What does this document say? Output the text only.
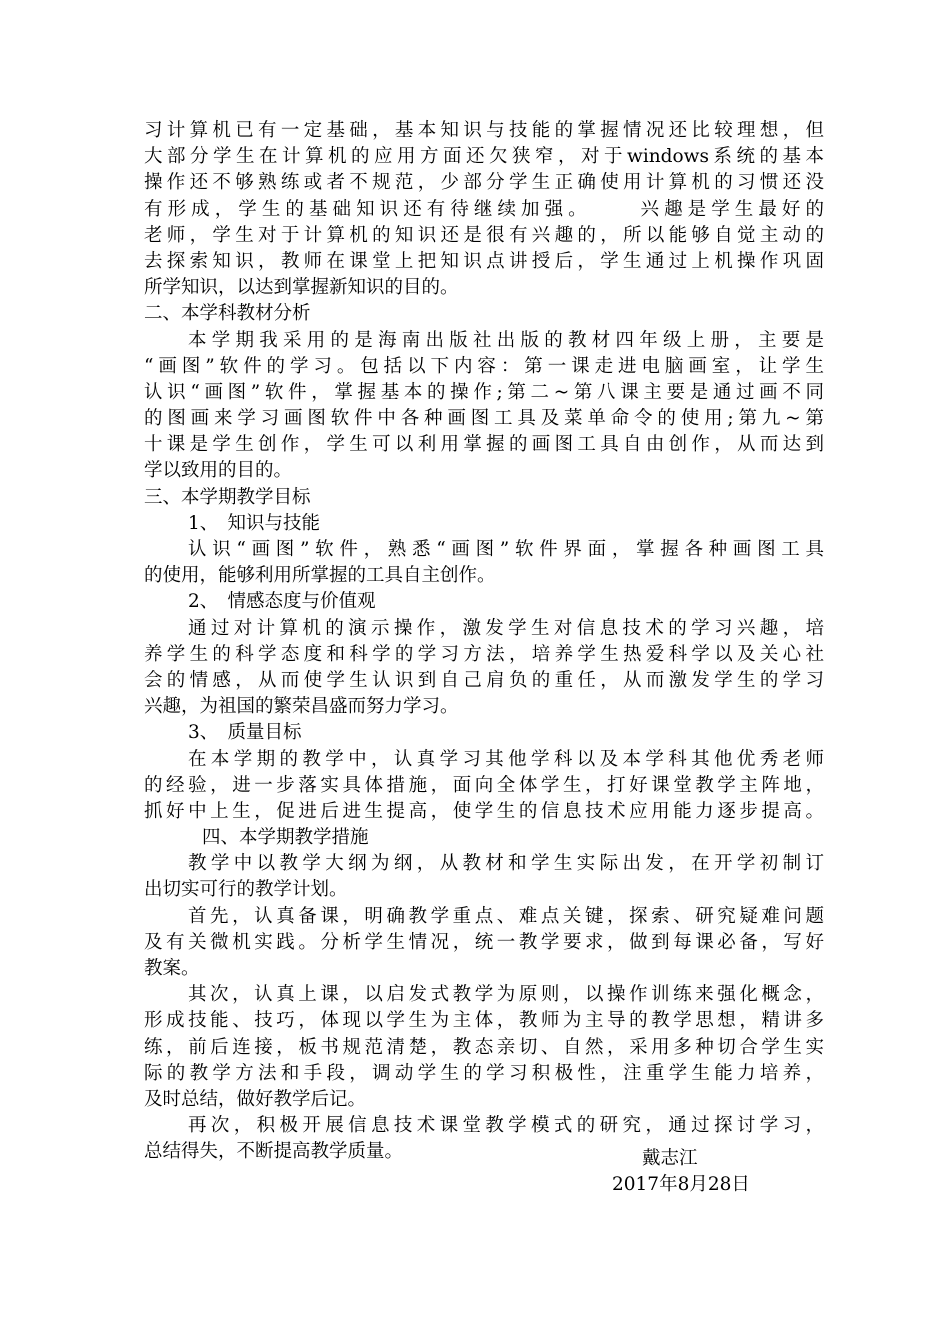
习计算机已有一定基础，基本知识与技能的掌握情况还比较理想，但
大部分学生在计算机的应用方面还欠狭窄，对于windows系统的基本
操作还不够熟练或者不规范，少部分学生正确使用计算机的习惯还没
有形成，学生的基础知识还有待继续加强。　　 兴趣是学生最好的
老师，学生对于计算机的知识还是很有兴趣的，所以能够自觉主动的
去探索知识，教师在课堂上把知识点讲授后，学生通过上机操作巩固
所学知识，以达到掌握新知识的目的。
二、本学科教材分析
本学期我采用的是海南出版社出版的教材四年级上册，主要是
“画图”软件的学习。包括以下内容：第一课走进电脑画室，让学生
认识“画图”软件，掌握基本的操作;第二~第八课主要是通过画不同
的图画来学习画图软件中各种画图工具及菜单命令的使用;第九~第
十课是学生创作，学生可以利用掌握的画图工具自由创作，从而达到
学以致用的目的。
三、本学期教学目标
1、　知识与技能
认识“画图”软件，熟悉“画图”软件界面，掌握各种画图工具
的使用，能够利用所掌握的工具自主创作。
2、　情感态度与价值观
通过对计算机的演示操作，激发学生对信息技术的学习兴趣，培
养学生的科学态度和科学的学习方法，培养学生热爱科学以及关心社
会的情感，从而使学生认识到自己肩负的重任，从而激发学生的学习
兴趣，为祖国的繁荣昌盛而努力学习。
3、　质量目标
在本学期的教学中，认真学习其他学科以及本学科其他优秀老师
的经验，进一步落实具体措施，面向全体学生，打好课堂教学主阵地，
抓好中上生，促进后进生提高，使学生的信息技术应用能力逐步提高。
四、本学期教学措施
教学中以教学大纲为纲，从教材和学生实际出发，在开学初制订
出切实可行的教学计划。
首先，认真备课，明确教学重点、难点关键，探索、研究疑难问题
及有关微机实践。分析学生情况，统一教学要求，做到每课必备，写好
教案。
其次，认真上课，以启发式教学为原则，以操作训练来强化概念，
形成技能、技巧，体现以学生为主体，教师为主导的教学思想，精讲多
练，前后连接，板书规范清楚，教态亲切、自然，采用多种切合学生实
际的教学方法和手段，调动学生的学习积极性，注重学生能力培养，
及时总结，做好教学后记。
再次，积极开展信息技术课堂教学模式的研究，通过探讨学习，
总结得失，不断提高教学质量。	戴志江
2017年8月28日
